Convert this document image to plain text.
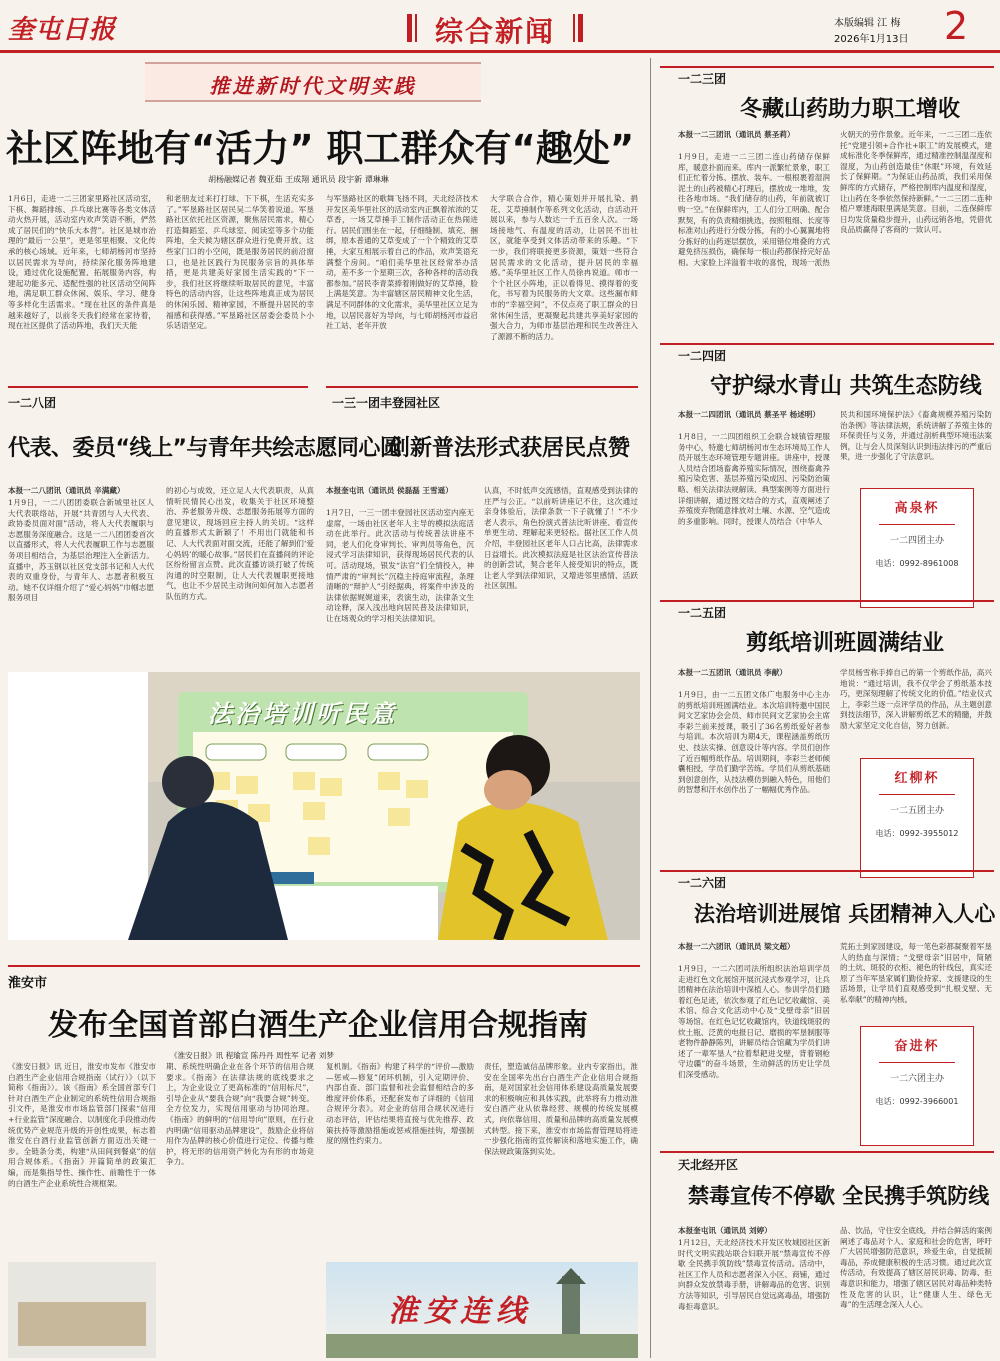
奎屯日报	综合新闻	本版编辑 江 梅
2026年1月13日 2
推进新时代文明实践
社区阵地有“活力” 职工群众有“趣处”
胡杨融媒记者 魏亚茹 王成翔 通讯员 段宇新 谭琳琳
1月6日，走进一二三团家里路社区活动室，下棋、舞蹈排练、乒乓球比赛等各类文体活动火热开展，活动室内欢声笑语不断，俨然成了居民们的“快乐大本营”。社区是城市治理的“最后一公里”，更是邻里相聚、文化传承的核心场域。近年来，七师胡杨河市坚持以居民需求为导向，持续深化服务阵地建设，通过优化设施配置、拓展服务内容，构建起功能多元、适配性强的社区活动空间阵地，满足职工群众休闲、娱乐、学习、健身等多样化生活需求。“现在社区的条件真是越来越好了，以前冬天我们经常在家待着，现在社区提供了活动阵地，我们天天能
和老朋友过来打打球、下下棋，生活充实多了。”军垦路社区居民吴二华笑着说道。军垦路社区依托社区资源，聚焦居民需求，精心打造舞蹈室、乒乓球室、阅读室等多个功能阵地，全天候为辖区群众进行免费开放。这些家门口的小空间，既是服务居民的前沿窗口，也是社区践行为民服务宗旨的具体举措，更是共建美好家园生活实践的“下一步，我们社区将继续听取居民的意见，丰富特色的活动内容，让这些阵地真正成为居民的休闲乐园、精神家园，不断提升居民的幸福感和获得感。”军垦路社区居委会委员卜小乐话语坚定。
与军垦路社区的歌舞飞扬不同，天北经济技术开发区美华里社区的活动室内正飘着浓浓的艾草香，一场艾草捶手工制作活动正在热闹进行。居民们围坐在一起，仔细缝制、填充、捆绑，原本普通的艾草变成了一个个精致的艾草捶，大家互相展示着自己的作品，欢声笑语充满整个房间。“咱们美华里社区经常举办活动，差不多一个星期三次，各种各样的活动我都参加。”居民李青菜捧着刚做好的艾草捶，脸上满是笑意。为丰富辖区居民精神文化生活，满足不同群体的文化需求，美华里社区立足为地，以居民喜好为导向，与七师胡杨河市益启社工站、老年开放
大学联合合作，精心策划并开展扎染、捐花、艾草捶制作等系列文化活动，自活动开展以来，参与人数达一千五百余人次。一场场接地气、有温度的活动，让居民不出社区，就能享受到文体活动带来的乐趣。“下一步，我们将联接更多资源，策划一些符合居民需求的文化活动，提升居民的幸福感。”美华里社区工作人员徐冉说道。师市一个个社区小阵地，正以看得见、摸得着的变化，书写着为民服务的大文章。这些漏布师市的“幸福空间”，不仅点亮了职工群众的日常休闲生活，更凝聚起共建共享美好家园的强大合力，为师市基层治理和民生改善注入了源源不断的活力。
一二八团
代表、委员“线上”与青年共绘志愿同心圆
本报一二八团讯（通讯员 辛满藏）
1月9日，一二八团团委联合新城里社区人大代表联络站，开展“共青团与人大代表、政协委员面对面”活动，将人大代表履职与志愿服务深度融合。这是一二八团团委首次以直播形式，将人大代表履职工作与志愿服务项目相结合，为基层治理注入全新活力。直播中，苏玉钢以社区党支部书记和人大代表的双重身份，与青年人、志愿者积极互动。她不仅详细介绍了“爱心妈妈”巾帼志愿服务项目
的初心与成效，还立足人大代表职责，从真情听民情民心出发，收集关于社区环境整治、养老服务升级、志愿服务拓展等方面的意见建议，现场回应主持人的关切。“这样的直播形式太新颖了！不用出门就能和书记、人大代表面对面交流，还能了解到们‘爱心妈妈’的暖心故事。”居民们在直播间的评论区纷纷留言点赞。此次直播访谈打破了传统沟通的时空限制，让人大代表履职更接地气，也让不少居民主动询问如何加入志愿者队伍的方式。
一三一团丰登园社区
创新普法形式获居民点赞
本报奎屯讯（通讯员 侯磊磊 王雪遥）
1月7日，一三一团丰登园社区活动室内座无虚席，一场由社区老年人主导的模拟法庭活动在此举行。此次活动与传统普法讲座不同，老人们化身审判长、审判员等角色，沉浸式学习法律知识，获得现场居民代表的认可。活动现场，银发“法官”们全情投入，神情严肃的“审判长”沉稳主持庭审流程，条理清晰的“辩护人”引经据典，将案件中涉及的法律依据娓娓道来，表演生动，法律条文生动诠释，深入浅出地向居民普及法律知识，让在场观众的学习相关法律知识。
认真，不时低声交流感悟，直观感受到法律的庄严与公正。“以前听讲座记不住，这次通过亲身体验后，法律条款一下子就懂了！”不少老人表示，角色扮演式普法比听讲座、看宣传单更生动、理解起来更轻松。据社区工作人员介绍，丰登园社区老年人口占比高，法律需求日益增长。此次模拟法庭是社区法治宣传普法的创新尝试，契合老年人接受知识的特点，既让老人学到法律知识，又增进邻里感情、活跃社区氛围。
法治培训听民意
淮安市
发布全国首部白酒生产企业信用合规指南
《淮安日报》讯 程瑜宣 陈丹丹 周性军 记者 刘梦
《淮安日报》讯 近日，淮安市发布《淮安市白酒生产企业信用合规指南（试行）》（以下简称《指南》）。该《指南》系全国首部专门针对白酒生产企业制定的系统性信用合规指引文件，是淮安市市场监管部门探索“信用+行业监管”深度融合、以制度化手段推动传统优势产业规范升级的开创性成果，标志着淮安在白酒行业监管创新方面迈出关键一步。全链条分类，构建“从田间到餐桌”的信用合规体系。《指南》开篇简单的政策汇编，而是集指导性、操作性、前瞻性于一体的白酒生产企业系统性合规框架。
期、系统性明确企业在各个环节的信用合规要求。《指南》在法律法规的底线要求之上，为企业设立了更高标准的“信用标尺”，引导企业从“要我合规”向“我要合规”转变。全方位发力，实现信用驱动与协同治理。《指南》的鲜明的“信用导向”原则，在行业内明确“信用驱动品牌建设”，鼓励企业将信用作为品牌的核心价值进行定位、传播与维护，将无形的信用资产转化为有形的市场竞争力。
复机制。《指南》构建了科学的“评价—激励—惩戒—修复”闭环机制，引入定期评价、内部自查、部门监督和社会监督相结合的多维度评价体系，还配套发布了详细的《信用合规评分表》。对企业的信用合规状况进行动态评估，评估结果将直接与优先推荐、政策扶持等激励措施或惩戒措施挂钩，增强制度的刚性约束力。
责任，塑造诚信品牌形象。业内专家指出，淮安在全国率先出台白酒生产企业信用合规指南，是对国家社会信用体系建设高质量发展要求的积极响应和具体实践，此举将有力推动淮安白酒产业从依靠经营、规模的传统发展模式，向依靠信用、质量和品牌的高质量发展模式转型。接下来，淮安市市场监督管理局将进一步强化指南的宣传解读和落地实施工作，确保法规政策落到实处。
淮安连线
一二三团
冬藏山药助力职工增收
本报一二三团讯（通讯员 蔡圣莉）
1月9日，走进一二三团二连山药储存保鲜库，暖意扑面而来。库内一派繁忙景象，职工们正忙着分拣、摆放、装车。一根根裹着湿润泥土的山药被精心打理后，摆放成一堆堆，发往各地市场。“我们储存的山药，年前就被订购一空。”在保鲜库内，工人们分工明确、配合默契，有的负责精细挑选，按照粗细、长度等标准对山药进行分级分拣，有的小心翼翼地将分拣好的山药逐层摆放，采用错位堆叠的方式避免挤压损伤，确保每一根山药都保持完好品相。大家脸上洋溢着丰收的喜悦，现场一派热
火朝天的劳作景象。近年来，一二三团二连依托“党建引领+合作社+职工”的发展模式，建成标准化冬季保鲜库，通过精准控制温湿度和湿度，为山药创造最佳“休眠”环境，有效延长了保鲜期。“为保证山药品质，我们采用保鲜库的方式储存，严格控制库内温度和湿度，让山药在冬季依然保持新鲜。”一二三团二连种植户覃建海眼里满是笑意。目前，二连保鲜库日均发货量稳步提升，山药远销各地，凭借优良品质赢得了客商的一致认可。
一二四团
守护绿水青山 共筑生态防线
本报一二四团讯（通讯员 蔡圣平 杨述明）
1月8日，一二四团组织工会联合城镇管理服务中心，特邀七师胡杨河市生态环境局工作人员开展生态环境管理专题讲座。讲座中，授课人员结合团场畜禽养殖实际情况，围绕畜禽养殖污染危害、基层养殖污染成因、污染防治策略、相关法律法规解读、典型案例等方面进行详细讲解，通过图文结合的方式，直观阐述了养殖废弃物随意排放对土壤、水源、空气造成的多重影响。同时，授课人员结合《中华人
民共和国环境保护法》《畜禽规模养殖污染防治条例》等法律法规，系统讲解了养殖主体的环保责任与义务，并通过剖析典型环境违法案例，让与会人员深刻认识到违法排污的严重后果，进一步强化了守法意识。
高泉杯
一二四团主办
电话：0992-8961008
一二五团
剪纸培训班圆满结业
本报一二五团讯（通讯员 李献）
1月9日，由一二五团文体广电服务中心主办的剪纸培训班圆满结业。本次培训特邀中国民间文艺家协会会员、师市民间文艺家协会主席李彩兰前来授课，吸引了36名剪纸爱好者参与培训。本次培训为期4天，课程涵盖剪纸历史、技法实操、创意设计等内容。学员们创作了近百幅剪纸作品。培训期间，李彩兰老师倾囊相授，学员们勤学苦练。学员们从剪纸基础到创意创作，从技法模仿到融入特色，用他们的智慧和汗水创作出了一幅幅优秀作品。
学员杨雪称手捧自己的第一个剪纸作品，高兴地说：“通过培训，我不仅学会了剪纸基本技巧，更深刻理解了传统文化的价值。”结业仪式上，李彩兰逐一点评学员的作品，从主题创意到技法细节，深入讲解剪纸艺术的精髓，并鼓励大家坚定文化自信，努力创新。
红柳杯
一二五团主办
电话：0992-3955012
一二六团
法治培训进展馆 兵团精神入人心
本报一二六团讯（通讯员 梁文超）
1月9日，一二六团司法所组织法治培训学员走进红色文化展馆开展沉浸式参观学习，让兵团精神在法治培训中深植人心。参训学员们踏着红色足迹，依次参观了红色记忆收藏馆、美术馆、综合文化活动中心及“戈壁母亲”旧居等场馆。在红色记忆收藏馆内，铁道线斑驳的炊土瓶、泛黄的电报日记、磨损的军垦制服等老物件静静陈列，讲解员结合馆藏为学员们讲述了一辈军垦人“拉着犁耙进戈壁，背着钢枪守边疆”的奋斗场景，生动鲜活的历史让学员们深受感动。
荒拓土到家园建设，每一笔色彩都凝聚着军垦人的热血与深情；“戈壁母亲”旧居中，简陋的土炕、斑驳的衣柜、褪色的针线包，真实还原了当年军垦家属们勤俭持家、支援建设的生活场景，让学员们直观感受到“扎根戈壁、无私奉献”的精神内核。
奋进杯
一二六团主办
电话：0992-3966001
天北经开区
禁毒宣传不停歇 全民携手筑防线
本报奎屯讯（通讯员 刘婷）
1月12日，天北经济技术开发区牧城园社区新时代文明实践站联合妇联开展“禁毒宣传不停歇 全民携手筑防线”禁毒宣传活动。活动中，社区工作人员和志愿者深入小区、商铺，通过向群众发放禁毒手册，讲解毒品的危害、识别方法等知识，引导居民自觉远离毒品，增强防毒拒毒意识。
品、饮品，守住安全底线，并结合鲜活的案例阐述了毒品对个人、家庭和社会的危害，呼吁广大居民增强防范意识，珍爱生命，自觉抵制毒品，养成健康积极的生活习惯。通过此次宣传活动，有效提高了辖区居民识毒、防毒、拒毒意识和能力，增强了辖区居民对毒品种类特性及危害的认识，让“健康人生、绿色无毒”的生活理念深入人心。
